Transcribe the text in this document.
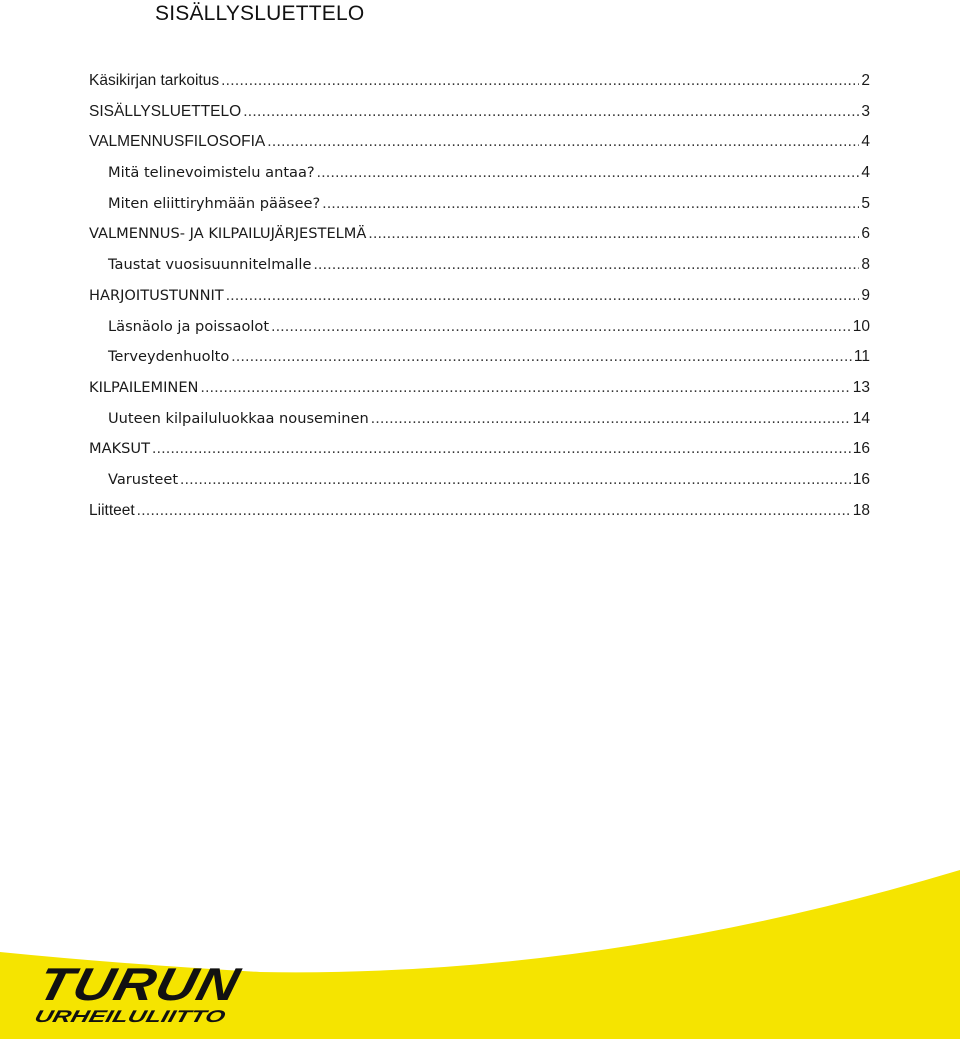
SISÄLLYSLUETTELO
Käsikirjan tarkoitus .....	2
SISÄLLYSLUETTELO .....	3
VALMENNUSFILOSOFIA .....	4
Mitä telinevoimistelu antaa? .....	4
Miten eliittiryhmään pääsee? .....	5
VALMENNUS- JA KILPAILUJÄRJESTELMÄ .....	6
Taustat vuosisuunnitelmalle .....	8
HARJOITUSTUNNIT .....	9
Läsnäolo ja poissaolot .....	10
Terveydenhuolto .....	11
KILPAILEMINEN .....	13
Uuteen kilpailuluokkaa nouseminen .....	14
MAKSUT .....	16
Varusteet .....	16
Liitteet .....	18
TURUN
URHEILULIITTO
